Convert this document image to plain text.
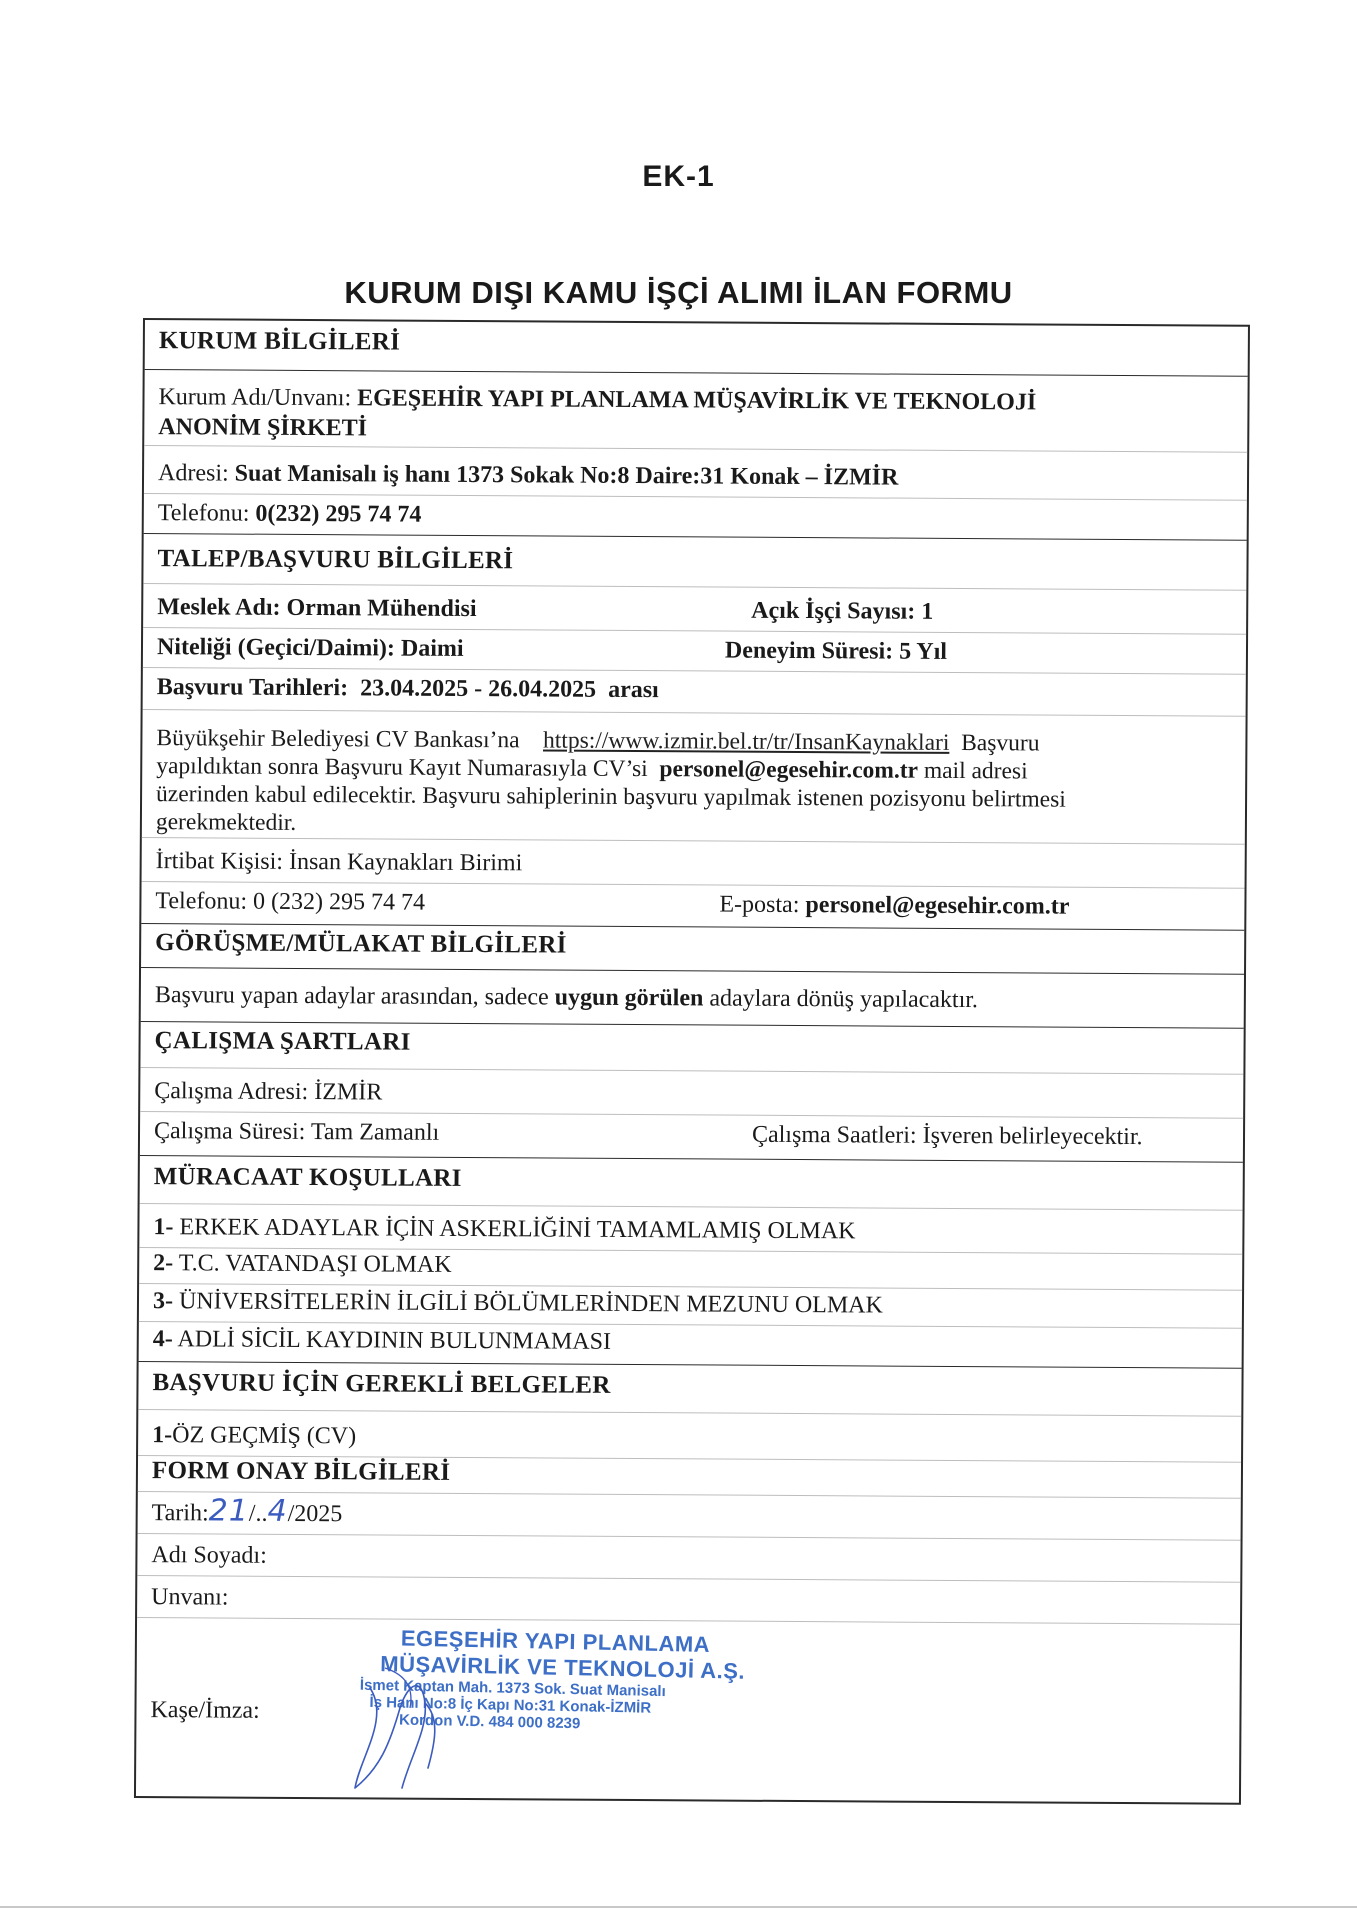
EK-1
KURUM DIŞI KAMU İŞÇİ ALIMI İLAN FORMU
KURUM BİLGİLERİ
Kurum Adı/Unvanı: EGEŞEHİR YAPI PLANLAMA MÜŞAVİRLİK VE TEKNOLOJİ
ANONİM ŞİRKETİ
Adresi: Suat Manisalı iş hanı 1373 Sokak No:8 Daire:31 Konak – İZMİR
Telefonu: 0(232) 295 74 74
TALEP/BAŞVURU BİLGİLERİ
Meslek Adı: Orman Mühendisi	Açık İşçi Sayısı: 1
Niteliği (Geçici/Daimi): Daimi	Deneyim Süresi: 5 Yıl
Başvuru Tarihleri: 23.04.2025 - 26.04.2025 arası
Büyükşehir Belediyesi CV Bankası’na https://www.izmir.bel.tr/tr/InsanKaynaklari Başvuru
yapıldıktan sonra Başvuru Kayıt Numarasıyla CV’si personel@egesehir.com.tr mail adresi
üzerinden kabul edilecektir. Başvuru sahiplerinin başvuru yapılmak istenen pozisyonu belirtmesi
gerekmektedir.
İrtibat Kişisi: İnsan Kaynakları Birimi
Telefonu: 0 (232) 295 74 74	E-posta: personel@egesehir.com.tr
GÖRÜŞME/MÜLAKAT BİLGİLERİ
Başvuru yapan adaylar arasından, sadece uygun görülen adaylara dönüş yapılacaktır.
ÇALIŞMA ŞARTLARI
Çalışma Adresi: İZMİR
Çalışma Süresi: Tam Zamanlı	Çalışma Saatleri: İşveren belirleyecektir.
MÜRACAAT KOŞULLARI
1- ERKEK ADAYLAR İÇİN ASKERLİĞİNİ TAMAMLAMIŞ OLMAK
2- T.C. VATANDAŞI OLMAK
3- ÜNİVERSİTELERİN İLGİLİ BÖLÜMLERİNDEN MEZUNU OLMAK
4- ADLİ SİCİL KAYDININ BULUNMAMASI
BAŞVURU İÇİN GEREKLİ BELGELER
1-ÖZ GEÇMİŞ (CV)
FORM ONAY BİLGİLERİ
Tarih:21/..4/2025
Adı Soyadı:
Unvanı:
Kaşe/İmza:
EGEŞEHİR YAPI PLANLAMA
MÜŞAVİRLİK VE TEKNOLOJİ A.Ş.
İsmet Kaptan Mah. 1373 Sok. Suat Manisalı
İş Hanı No:8 İç Kapı No:31 Konak-İZMİR
Kordon V.D. 484 000 8239
